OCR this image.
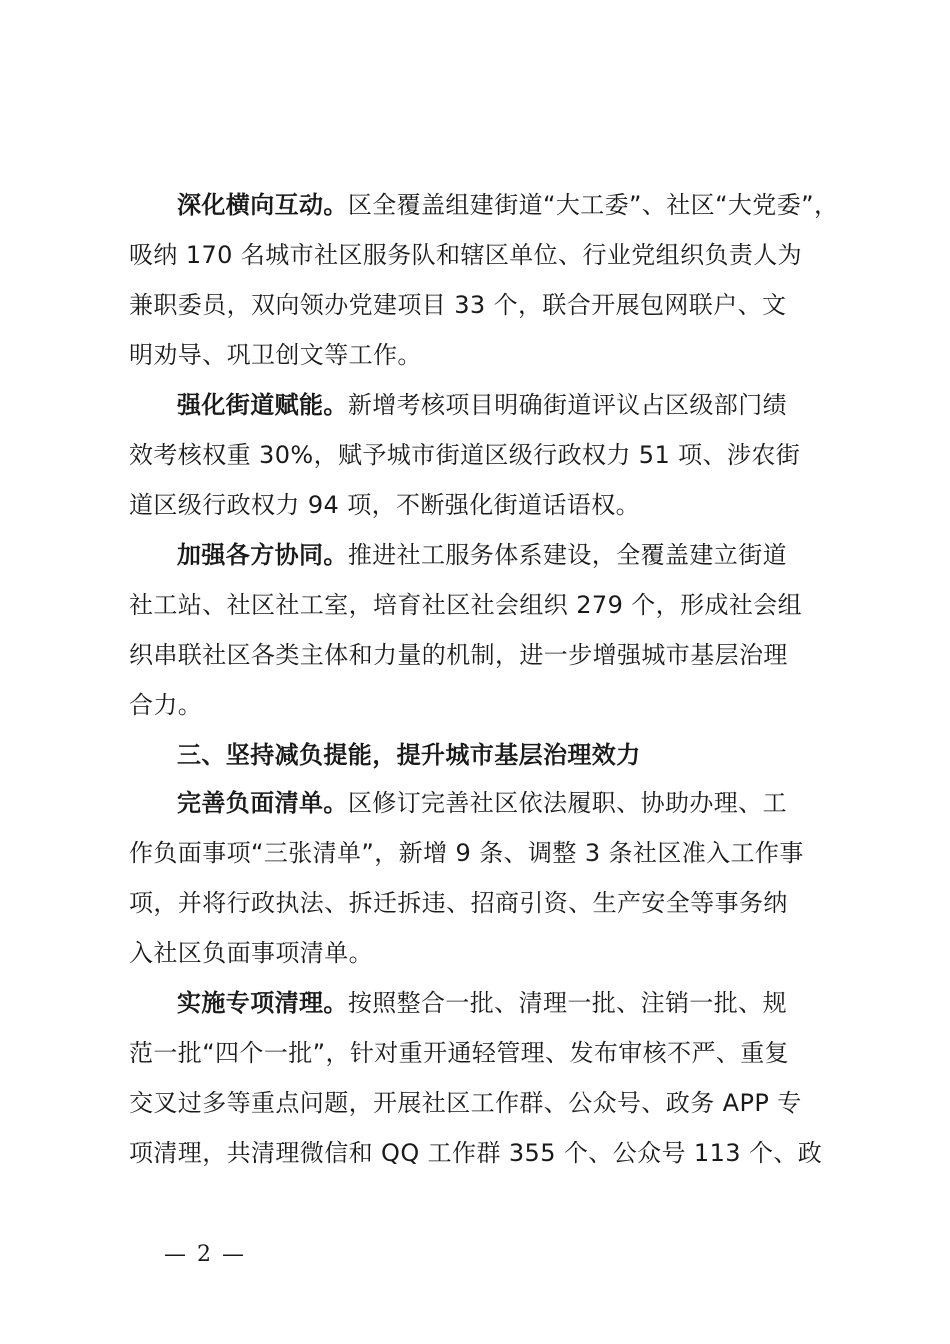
深化横向互动。区全覆盖组建街道“大工委”、社区“大党委”，
吸纳 170 名城市社区服务队和辖区单位、行业党组织负责人为
兼职委员，双向领办党建项目 33 个，联合开展包网联户、文
明劝导、巩卫创文等工作。
强化街道赋能。新增考核项目明确街道评议占区级部门绩
效考核权重 30%，赋予城市街道区级行政权力 51 项、涉农街
道区级行政权力 94 项，不断强化街道话语权。
加强各方协同。推进社工服务体系建设，全覆盖建立街道
社工站、社区社工室，培育社区社会组织 279 个，形成社会组
织串联社区各类主体和力量的机制，进一步增强城市基层治理
合力。
三、坚持减负提能，提升城市基层治理效力
完善负面清单。区修订完善社区依法履职、协助办理、工
作负面事项“三张清单”，新增 9 条、调整 3 条社区准入工作事
项，并将行政执法、拆迁拆违、招商引资、生产安全等事务纳
入社区负面事项清单。
实施专项清理。按照整合一批、清理一批、注销一批、规
范一批“四个一批”，针对重开通轻管理、发布审核不严、重复
交叉过多等重点问题，开展社区工作群、公众号、政务 APP 专
项清理，共清理微信和 QQ 工作群 355 个、公众号 113 个、政
— 2 —
